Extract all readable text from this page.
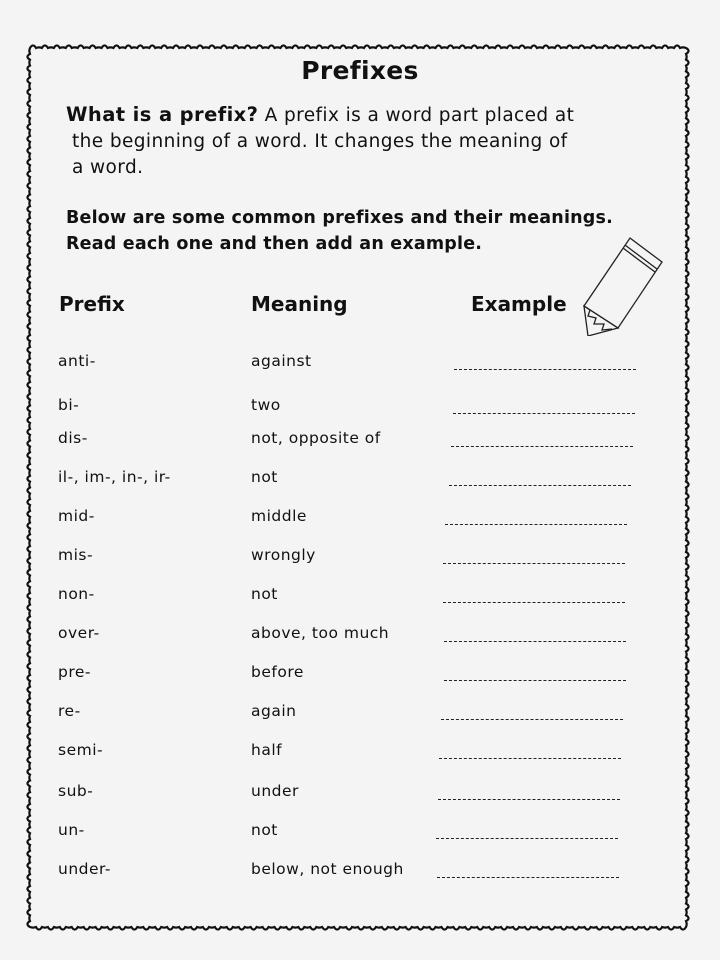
Prefixes
What is a prefix? A prefix is a word part placed at
the beginning of a word. It changes the meaning of
a word.
Below are some common prefixes and their meanings.
Read each one and then add an example.
Prefix	Meaning	Example
anti-	against
bi-	two
dis-	not, opposite of
il-, im-, in-, ir-	not
mid-	middle
mis-	wrongly
non-	not
over-	above, too much
pre-	before
re-	again
semi-	half
sub-	under
un-	not
under-	below, not enough
